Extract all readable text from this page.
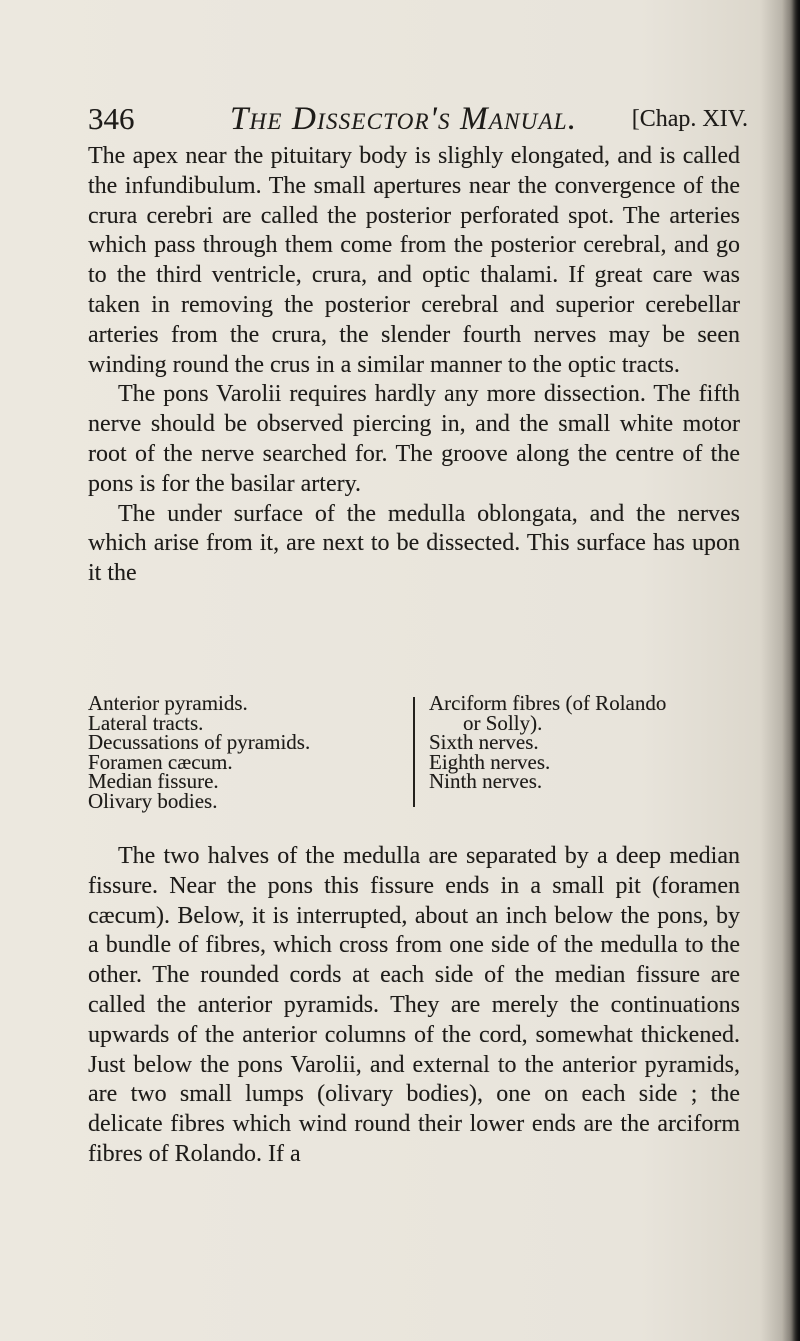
346	The Dissector's Manual. [Chap. XIV.

The apex near the pituitary body is slighly elongated, and is called the infundibulum. The small apertures near the convergence of the crura cerebri are called the posterior perforated spot. The arteries which pass through them come from the posterior cerebral, and go to the third ventricle, crura, and optic thalami. If great care was taken in removing the posterior cerebral and superior cerebellar arteries from the crura, the slender fourth nerves may be seen winding round the crus in a similar manner to the optic tracts.

The pons Varolii requires hardly any more dissection. The fifth nerve should be observed piercing in, and the small white motor root of the nerve searched for. The groove along the centre of the pons is for the basilar artery.

The under surface of the medulla oblongata, and the nerves which arise from it, are next to be dissected. This surface has upon it the

Anterior pyramids.
Lateral tracts.
Decussations of pyramids.
Foramen cæcum.
Median fissure.
Olivary bodies.
Arciform fibres (of Rolando
or Solly).
Sixth nerves.
Eighth nerves.
Ninth nerves.

The two halves of the medulla are separated by a deep median fissure. Near the pons this fissure ends in a small pit (foramen cæcum). Below, it is interrupted, about an inch below the pons, by a bundle of fibres, which cross from one side of the medulla to the other. The rounded cords at each side of the median fissure are called the anterior pyramids. They are merely the continuations upwards of the anterior columns of the cord, somewhat thickened. Just below the pons Varolii, and external to the anterior pyramids, are two small lumps (olivary bodies), one on each side ; the delicate fibres which wind round their lower ends are the arciform fibres of Rolando. If a
